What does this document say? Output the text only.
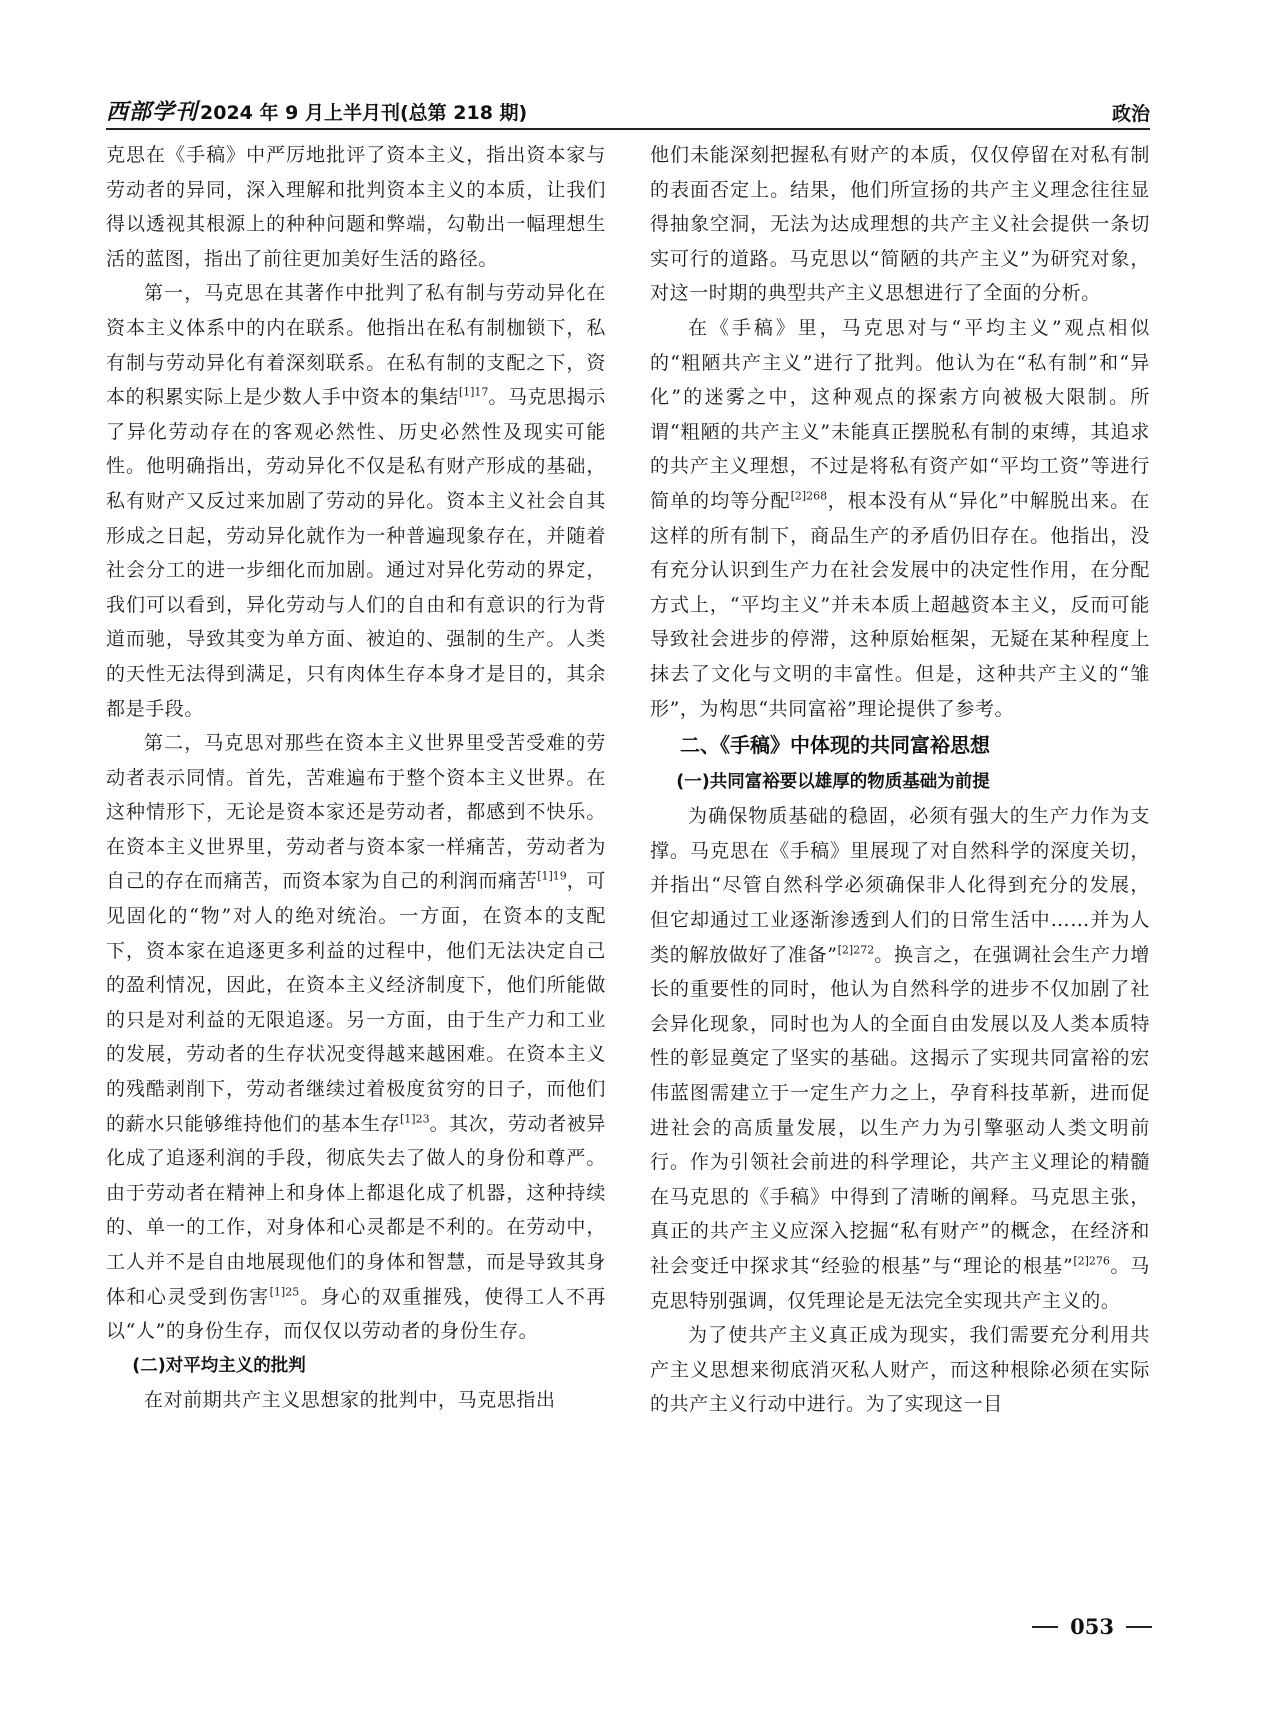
西部学刊 2024 年 9 月上半月刊(总第 218 期)	政治

克思在《手稿》中严厉地批评了资本主义，指出资本家与劳动者的异同，深入理解和批判资本主义的本质，让我们得以透视其根源上的种种问题和弊端，勾勒出一幅理想生活的蓝图，指出了前往更加美好生活的路径。

第一，马克思在其著作中批判了私有制与劳动异化在资本主义体系中的内在联系。他指出在私有制枷锁下，私有制与劳动异化有着深刻联系。在私有制的支配之下，资本的积累实际上是少数人手中资本的集结$^{[1]17}$。马克思揭示了异化劳动存在的客观必然性、历史必然性及现实可能性。他明确指出，劳动异化不仅是私有财产形成的基础，私有财产又反过来加剧了劳动的异化。资本主义社会自其形成之日起，劳动异化就作为一种普遍现象存在，并随着社会分工的进一步细化而加剧。通过对异化劳动的界定，我们可以看到，异化劳动与人们的自由和有意识的行为背道而驰，导致其变为单方面、被迫的、强制的生产。人类的天性无法得到满足，只有肉体生存本身才是目的，其余都是手段。

第二，马克思对那些在资本主义世界里受苦受难的劳动者表示同情。首先，苦难遍布于整个资本主义世界。在这种情形下，无论是资本家还是劳动者，都感到不快乐。在资本主义世界里，劳动者与资本家一样痛苦，劳动者为自己的存在而痛苦，而资本家为自己的利润而痛苦$^{[1]19}$，可见固化的“物”对人的绝对统治。一方面，在资本的支配下，资本家在追逐更多利益的过程中，他们无法决定自己的盈利情况，因此，在资本主义经济制度下，他们所能做的只是对利益的无限追逐。另一方面，由于生产力和工业的发展，劳动者的生存状况变得越来越困难。在资本主义的残酷剥削下，劳动者继续过着极度贫穷的日子，而他们的薪水只能够维持他们的基本生存$^{[1]23}$。其次，劳动者被异化成了追逐利润的手段，彻底失去了做人的身份和尊严。由于劳动者在精神上和身体上都退化成了机器，这种持续的、单一的工作，对身体和心灵都是不利的。在劳动中，工人并不是自由地展现他们的身体和智慧，而是导致其身体和心灵受到伤害$^{[1]25}$。身心的双重摧残，使得工人不再以“人”的身份生存，而仅仅以劳动者的身份生存。

(二)对平均主义的批判

在对前期共产主义思想家的批判中，马克思指出

他们未能深刻把握私有财产的本质，仅仅停留在对私有制的表面否定上。结果，他们所宣扬的共产主义理念往往显得抽象空洞，无法为达成理想的共产主义社会提供一条切实可行的道路。马克思以“简陋的共产主义”为研究对象，对这一时期的典型共产主义思想进行了全面的分析。

在《手稿》里，马克思对与“平均主义”观点相似的“粗陋共产主义”进行了批判。他认为在“私有制”和“异化”的迷雾之中，这种观点的探索方向被极大限制。所谓“粗陋的共产主义”未能真正摆脱私有制的束缚，其追求的共产主义理想，不过是将私有资产如“平均工资”等进行简单的均等分配$^{[2]268}$，根本没有从“异化”中解脱出来。在这样的所有制下，商品生产的矛盾仍旧存在。他指出，没有充分认识到生产力在社会发展中的决定性作用，在分配方式上，“平均主义”并未本质上超越资本主义，反而可能导致社会进步的停滞，这种原始框架，无疑在某种程度上抹去了文化与文明的丰富性。但是，这种共产主义的“雏形”，为构思“共同富裕”理论提供了参考。

二、《手稿》中体现的共同富裕思想
(一)共同富裕要以雄厚的物质基础为前提

为确保物质基础的稳固，必须有强大的生产力作为支撑。马克思在《手稿》里展现了对自然科学的深度关切，并指出“尽管自然科学必须确保非人化得到充分的发展，但它却通过工业逐渐渗透到人们的日常生活中……并为人类的解放做好了准备”$^{[2]272}$。换言之，在强调社会生产力增长的重要性的同时，他认为自然科学的进步不仅加剧了社会异化现象，同时也为人的全面自由发展以及人类本质特性的彰显奠定了坚实的基础。这揭示了实现共同富裕的宏伟蓝图需建立于一定生产力之上，孕育科技革新，进而促进社会的高质量发展，以生产力为引擎驱动人类文明前行。作为引领社会前进的科学理论，共产主义理论的精髓在马克思的《手稿》中得到了清晰的阐释。马克思主张，真正的共产主义应深入挖掘“私有财产”的概念，在经济和社会变迁中探求其“经验的根基”与“理论的根基”$^{[2]276}$。马克思特别强调，仅凭理论是无法完全实现共产主义的。

为了使共产主义真正成为现实，我们需要充分利用共产主义思想来彻底消灭私人财产，而这种根除必须在实际的共产主义行动中进行。为了实现这一目

053
